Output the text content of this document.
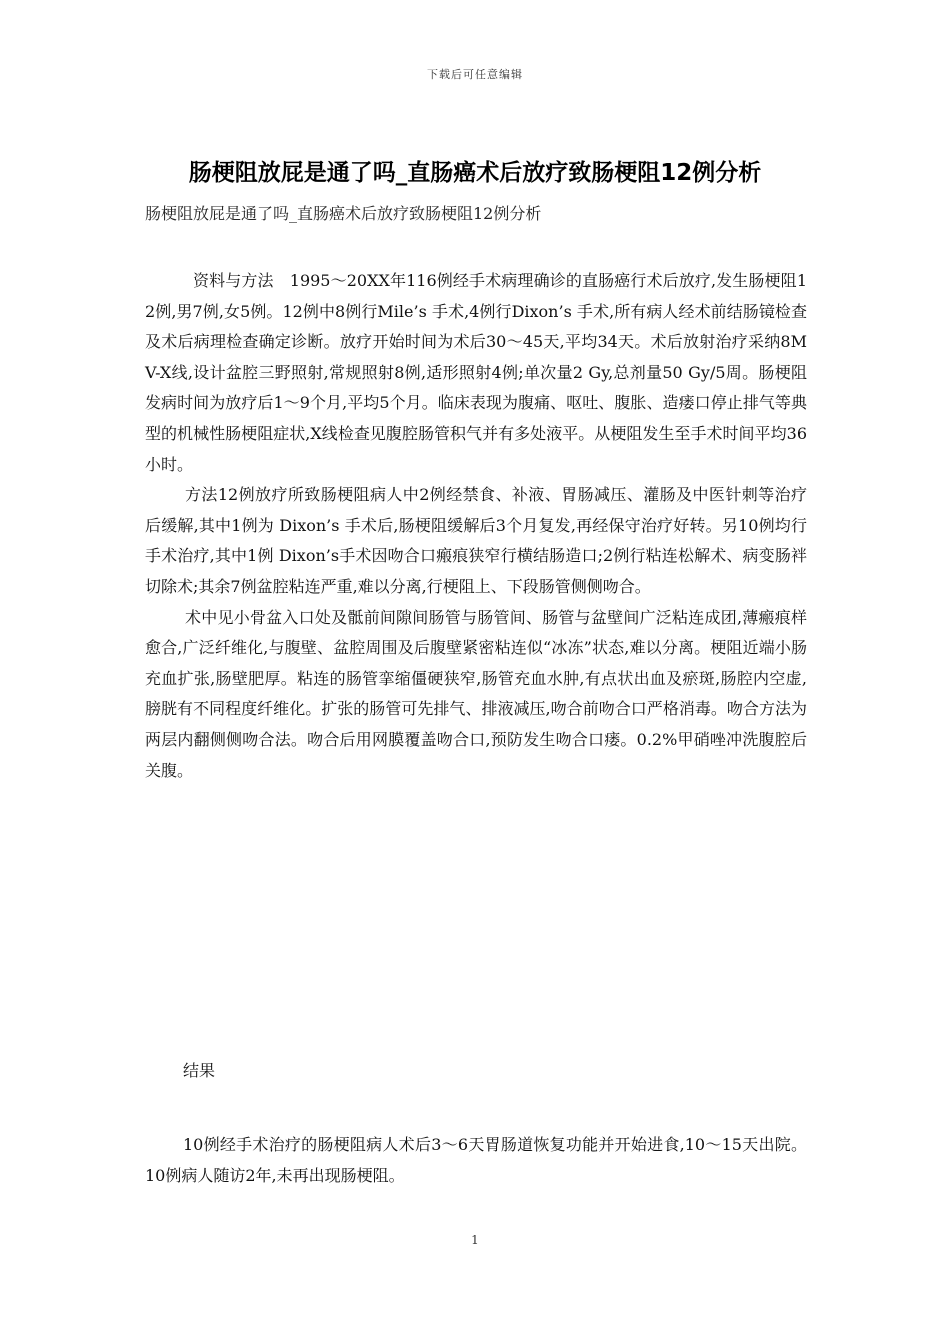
下载后可任意编辑
肠梗阻放屁是通了吗_直肠癌术后放疗致肠梗阻12例分析
肠梗阻放屁是通了吗_直肠癌术后放疗致肠梗阻12例分析

资料与方法　1995～20XX年116例经手术病理确诊的直肠癌行术后放疗,发生肠梗阻12例,男7例,女5例。12例中8例行Mile’s 手术,4例行Dixon’s 手术,所有病人经术前结肠镜检查及术后病理检查确定诊断。放疗开始时间为术后30～45天,平均34天。术后放射治疗采纳8MV-X线,设计盆腔三野照射,常规照射8例,适形照射4例;单次量2 Gy,总剂量50 Gy/5周。肠梗阻发病时间为放疗后1～9个月,平均5个月。临床表现为腹痛、呕吐、腹胀、造瘘口停止排气等典型的机械性肠梗阻症状,X线检查见腹腔肠管积气并有多处液平。从梗阻发生至手术时间平均36小时。

方法12例放疗所致肠梗阻病人中2例经禁食、补液、胃肠减压、灌肠及中医针刺等治疗后缓解,其中1例为 Dixon’s 手术后,肠梗阻缓解后3个月复发,再经保守治疗好转。另10例均行手术治疗,其中1例 Dixon’s手术因吻合口瘢痕狭窄行横结肠造口;2例行粘连松解术、病变肠袢切除术;其余7例盆腔粘连严重,难以分离,行梗阻上、下段肠管侧侧吻合。

术中见小骨盆入口处及骶前间隙间肠管与肠管间、肠管与盆壁间广泛粘连成团,薄瘢痕样愈合,广泛纤维化,与腹壁、盆腔周围及后腹壁紧密粘连似“冰冻”状态,难以分离。梗阻近端小肠充血扩张,肠壁肥厚。粘连的肠管挛缩僵硬狭窄,肠管充血水肿,有点状出血及瘀斑,肠腔内空虚,膀胱有不同程度纤维化。扩张的肠管可先排气、排液减压,吻合前吻合口严格消毒。吻合方法为两层内翻侧侧吻合法。吻合后用网膜覆盖吻合口,预防发生吻合口瘘。0.2%甲硝唑冲洗腹腔后关腹。

结果
10例经手术治疗的肠梗阻病人术后3～6天胃肠道恢复功能并开始进食,10～15天出院。10例病人随访2年,未再出现肠梗阻。
1
